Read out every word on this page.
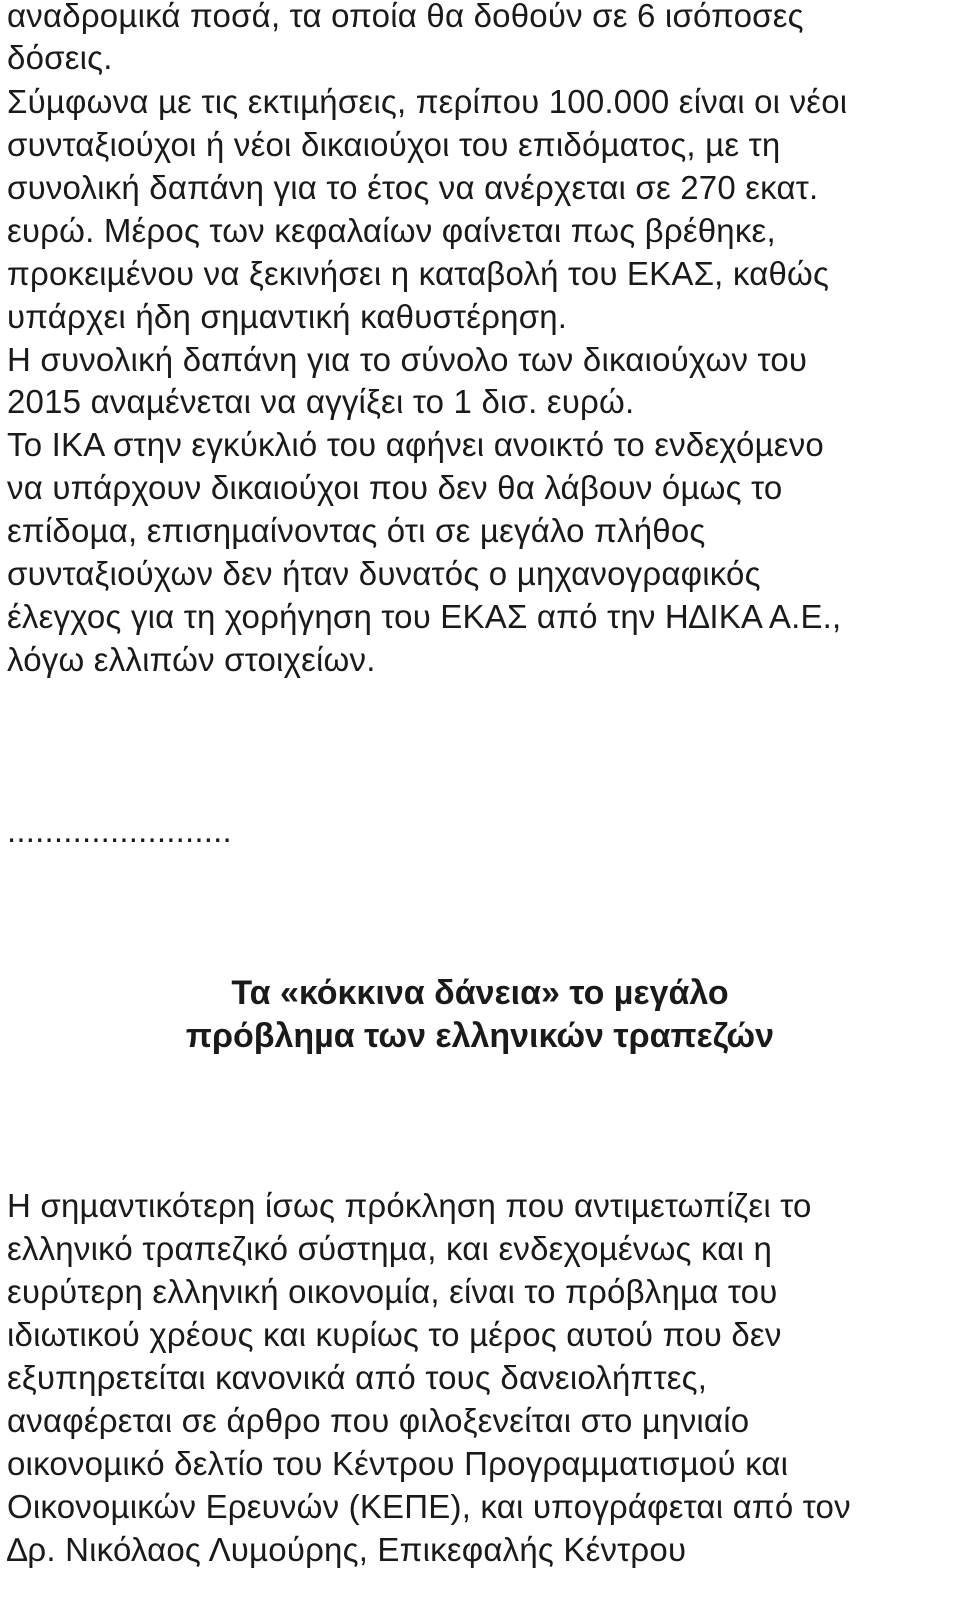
αναδροµικά ποσά, τα οποία θα δοθούν σε 6 ισόποσες

δόσεις.

Σύµφωνα µε τις εκτιµήσεις, περίπου 100.000 είναι οι νέοι

συνταξιούχοι ή νέοι δικαιούχοι του επιδόµατος, µε τη

συνολική δαπάνη για το έτος να ανέρχεται σε 270 εκατ.

ευρώ. Μέρος των κεφαλαίων φαίνεται πως βρέθηκε,

προκειµένου να ξεκινήσει η καταβολή του ΕΚΑΣ, καθώς

υπάρχει ήδη σηµαντική καθυστέρηση.

Η συνολική δαπάνη για το σύνολο των δικαιούχων του

2015 αναµένεται να αγγίξει το 1 δισ. ευρώ.

Το ΙΚΑ στην εγκύκλιό του αφήνει ανοικτό το ενδεχόµενο

να υπάρχουν δικαιούχοι που δεν θα λάβουν όµως το

επίδοµα, επισηµαίνοντας ότι σε µεγάλο πλήθος

συνταξιούχων δεν ήταν δυνατός ο µηχανογραφικός

έλεγχος για τη χορήγηση του ΕΚΑΣ από την Η∆ΙΚΑ Α.Ε.,

λόγω ελλιπών στοιχείων.

........................

Τα «κόκκινα δάνεια» το µεγάλο
πρόβληµα των ελληνικών τραπεζών

Η σηµαντικότερη ίσως πρόκληση που αντιµετωπίζει το

ελληνικό τραπεζικό σύστηµα, και ενδεχοµένως και η

ευρύτερη ελληνική οικονοµία, είναι το πρόβληµα του

ιδιωτικού χρέους και κυρίως το µέρος αυτού που δεν

εξυπηρετείται κανονικά από τους δανειολήπτες,

αναφέρεται σε άρθρο που φιλοξενείται στο µηνιαίο

οικονοµικό δελτίο του Κέντρου Προγραµµατισµού και

Οικονοµικών Ερευνών (ΚΕΠΕ), και υπογράφεται από τον

∆ρ. Νικόλαος Λυµούρης, Επικεφαλής Κέντρου
